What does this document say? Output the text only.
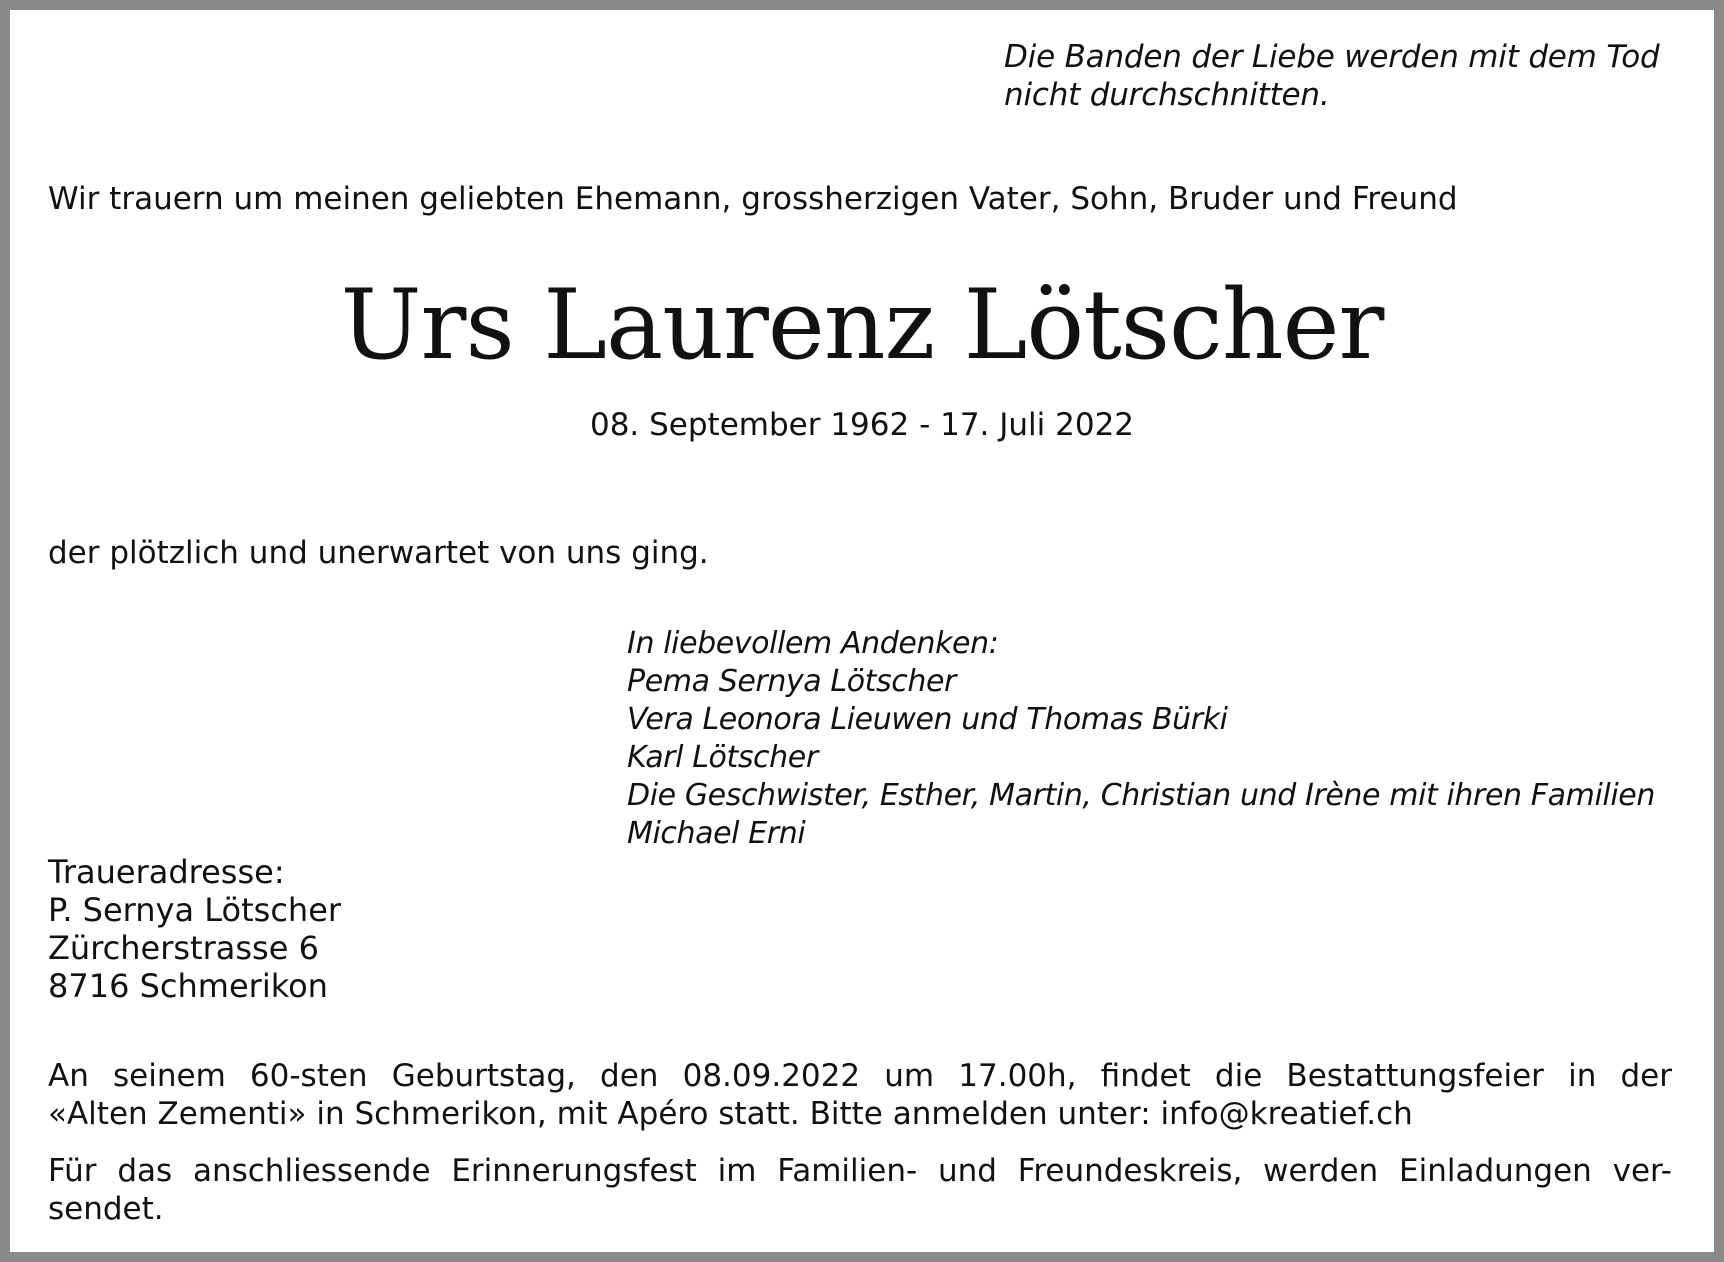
Die Banden der Liebe werden mit dem Tod
nicht durchschnitten.
Wir trauern um meinen geliebten Ehemann, grossherzigen Vater, Sohn, Bruder und Freund
Urs Laurenz Lötscher
08. September 1962 - 17. Juli 2022
der plötzlich und unerwartet von uns ging.
In liebevollem Andenken:
Pema Sernya Lötscher
Vera Leonora Lieuwen und Thomas Bürki
Karl Lötscher
Die Geschwister, Esther, Martin, Christian und Irène mit ihren Familien
Michael Erni
Traueradresse:
P. Sernya Lötscher
Zürcherstrasse 6
8716 Schmerikon
An seinem 60-sten Geburtstag, den 08.09.2022 um 17.00h, findet die Bestattungsfeier in der
«Alten Zementi» in Schmerikon, mit Apéro statt. Bitte anmelden unter: info@kreatief.ch
Für das anschliessende Erinnerungsfest im Familien- und Freundeskreis, werden Einladungen ver-
sendet.
